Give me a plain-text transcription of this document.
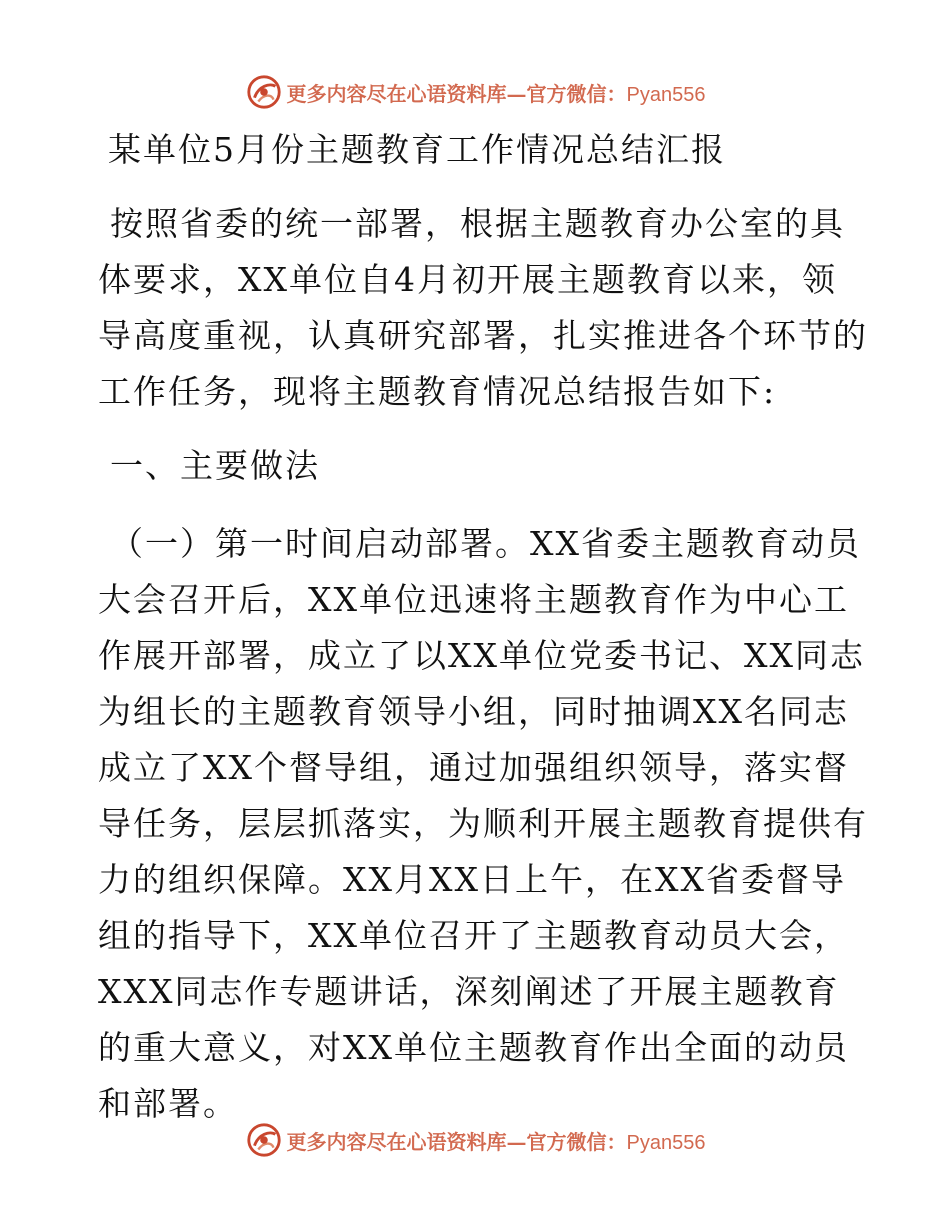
更多内容尽在心语资料库—官方微信：Pyan556
某单位5月份主题教育工作情况总结汇报
按照省委的统一部署，根据主题教育办公室的具体要求，XX单位自4月初开展主题教育以来，领导高度重视，认真研究部署，扎实推进各个环节的工作任务，现将主题教育情况总结报告如下:
一、主要做法
（一）第一时间启动部署。XX省委主题教育动员大会召开后，XX单位迅速将主题教育作为中心工作展开部署，成立了以XX单位党委书记、XX同志为组长的主题教育领导小组，同时抽调XX名同志成立了XX个督导组，通过加强组织领导，落实督导任务，层层抓落实，为顺利开展主题教育提供有力的组织保障。XX月XX日上午，在XX省委督导组的指导下，XX单位召开了主题教育动员大会，XXX同志作专题讲话，深刻阐述了开展主题教育的重大意义，对XX单位主题教育作出全面的动员和部署。
更多内容尽在心语资料库—官方微信：Pyan556
